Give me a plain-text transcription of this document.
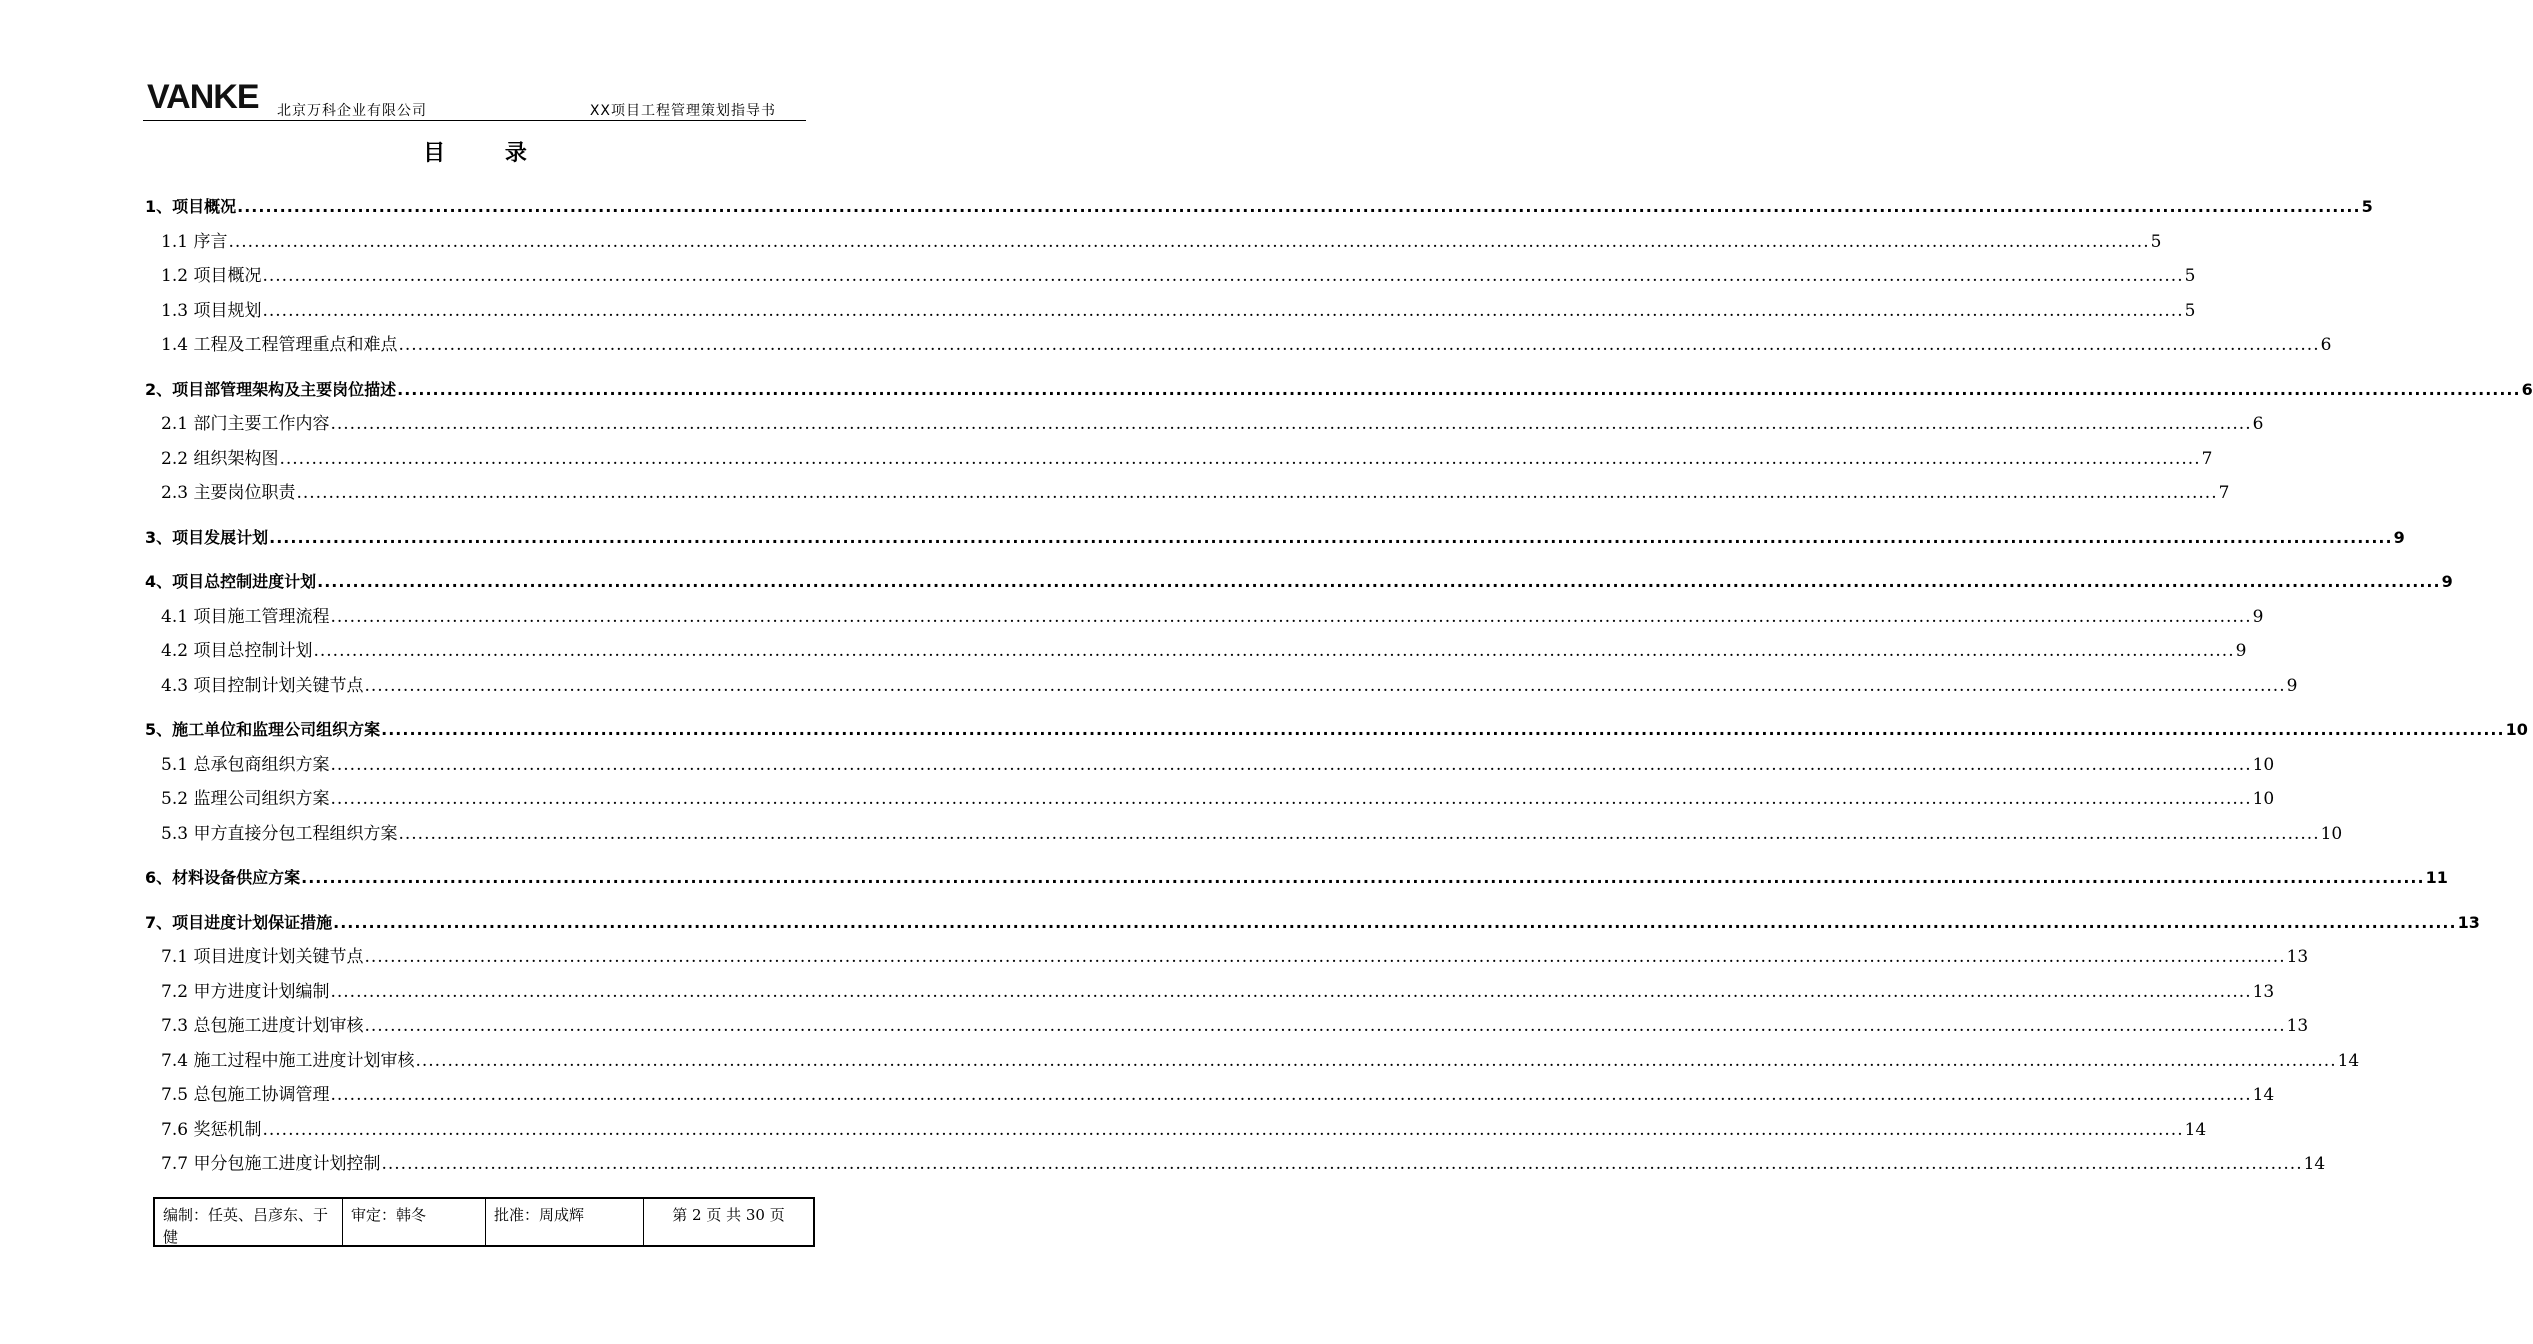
VANKE 北京万科企业有限公司	XX项目工程管理策划指导书
目 录
1、项目概况 ............................................................................................................................................................................................................................................................................................................ 5
1.1 序言 ............................................................................................................................................................................................................................................................................................................ 5
1.2 项目概况 ............................................................................................................................................................................................................................................................................................................ 5
1.3 项目规划 ............................................................................................................................................................................................................................................................................................................ 5
1.4 工程及工程管理重点和难点 ............................................................................................................................................................................................................................................................................................................ 6
2、项目部管理架构及主要岗位描述 ............................................................................................................................................................................................................................................................................................................ 6
2.1 部门主要工作内容 ............................................................................................................................................................................................................................................................................................................ 6
2.2 组织架构图 ............................................................................................................................................................................................................................................................................................................ 7
2.3 主要岗位职责 ............................................................................................................................................................................................................................................................................................................ 7
3、项目发展计划 ............................................................................................................................................................................................................................................................................................................ 9
4、项目总控制进度计划 ............................................................................................................................................................................................................................................................................................................ 9
4.1 项目施工管理流程 ............................................................................................................................................................................................................................................................................................................ 9
4.2 项目总控制计划 ............................................................................................................................................................................................................................................................................................................ 9
4.3 项目控制计划关键节点 ............................................................................................................................................................................................................................................................................................................ 9
5、施工单位和监理公司组织方案 ............................................................................................................................................................................................................................................................................................................ 10
5.1 总承包商组织方案 ............................................................................................................................................................................................................................................................................................................ 10
5.2 监理公司组织方案 ............................................................................................................................................................................................................................................................................................................ 10
5.3 甲方直接分包工程组织方案 ............................................................................................................................................................................................................................................................................................................ 10
6、材料设备供应方案 ............................................................................................................................................................................................................................................................................................................ 11
7、项目进度计划保证措施 ............................................................................................................................................................................................................................................................................................................ 13
7.1 项目进度计划关键节点 ............................................................................................................................................................................................................................................................................................................ 13
7.2 甲方进度计划编制 ............................................................................................................................................................................................................................................................................................................ 13
7.3 总包施工进度计划审核 ............................................................................................................................................................................................................................................................................................................ 13
7.4 施工过程中施工进度计划审核 ............................................................................................................................................................................................................................................................................................................ 14
7.5 总包施工协调管理 ............................................................................................................................................................................................................................................................................................................ 14
7.6 奖惩机制 ............................................................................................................................................................................................................................................................................................................ 14
7.7 甲分包施工进度计划控制 ............................................................................................................................................................................................................................................................................................................ 14
编制：任英、吕彦东、于健
审定：韩冬	批准：周成辉	第 2 页 共 30 页
